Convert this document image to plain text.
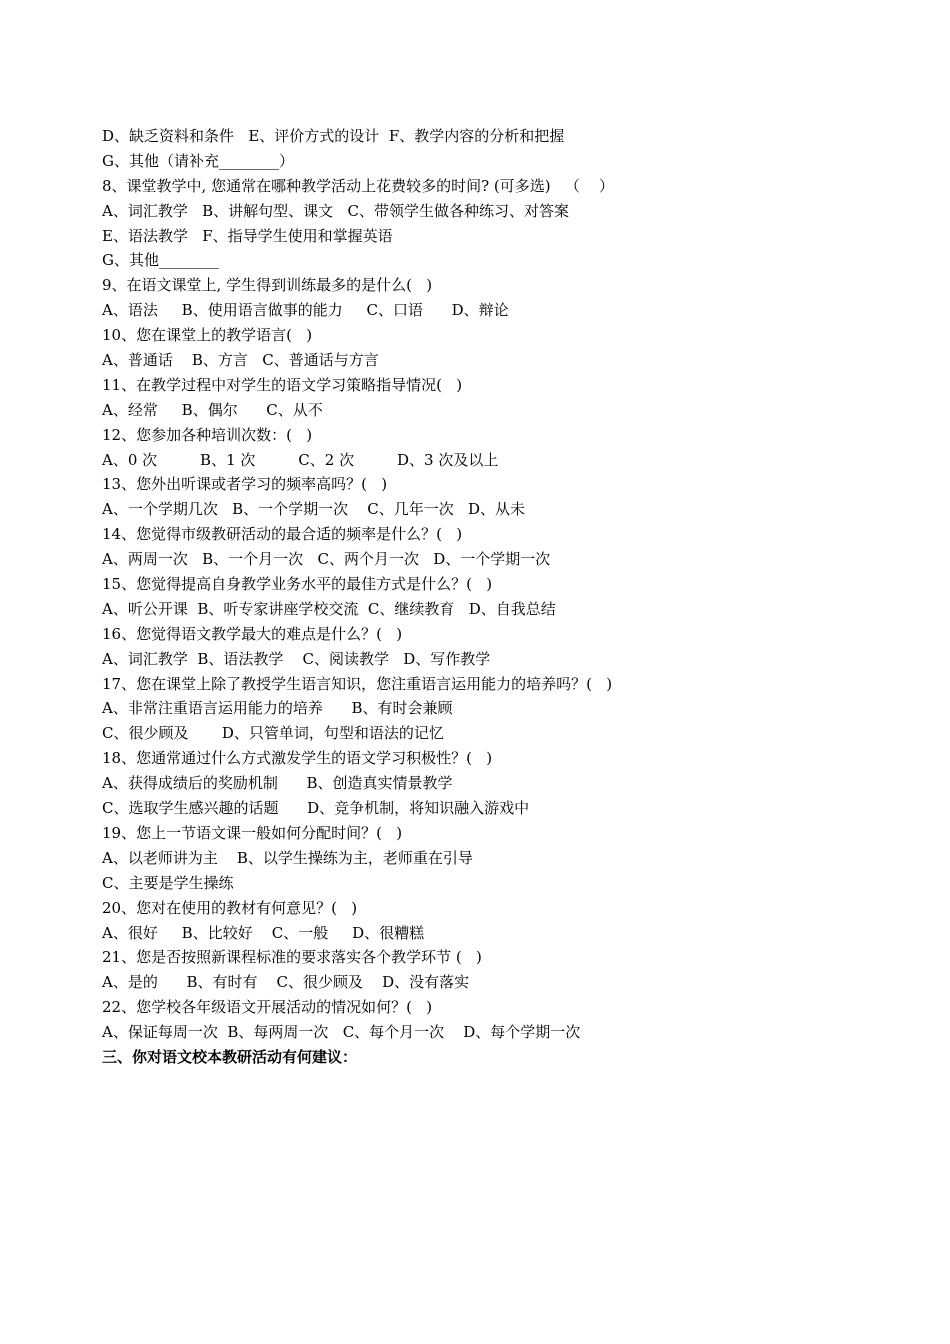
D、缺乏资料和条件   E、评价方式的设计  F、教学内容的分析和把握
G、其他（请补充________）
8、课堂教学中, 您通常在哪种教学活动上花费较多的时间? (可多选)   （    ）
A、词汇教学   B、讲解句型、课文   C、带领学生做各种练习、对答案
E、语法教学   F、指导学生使用和掌握英语
G、其他________
9、在语文课堂上, 学生得到训练最多的是什么(   )
A、语法     B、使用语言做事的能力     C、口语      D、辩论
10、您在课堂上的教学语言(   )
A、普通话    B、方言   C、普通话与方言
11、在教学过程中对学生的语文学习策略指导情况(   )
A、经常     B、偶尔      C、从不
12、您参加各种培训次数：(   )
A、0 次         B、1 次         C、2 次         D、3 次及以上
13、您外出听课或者学习的频率高吗？(   )
A、一个学期几次   B、一个学期一次    C、几年一次   D、从未
14、您觉得市级教研活动的最合适的频率是什么？(   )
A、两周一次   B、一个月一次   C、两个月一次   D、一个学期一次
15、您觉得提高自身教学业务水平的最佳方式是什么？(   )
A、听公开课  B、听专家讲座学校交流  C、继续教育   D、自我总结
16、您觉得语文教学最大的难点是什么？(   )
A、词汇教学  B、语法教学    C、阅读教学   D、写作教学
17、您在课堂上除了教授学生语言知识，您注重语言运用能力的培养吗？(   )
A、非常注重语言运用能力的培养      B、有时会兼顾
C、很少顾及       D、只管单词，句型和语法的记忆
18、您通常通过什么方式激发学生的语文学习积极性？(   )
A、获得成绩后的奖励机制      B、创造真实情景教学
C、选取学生感兴趣的话题      D、竞争机制，将知识融入游戏中
19、您上一节语文课一般如何分配时间？(   )
A、以老师讲为主    B、以学生操练为主，老师重在引导
C、主要是学生操练
20、您对在使用的教材有何意见？(   )
A、很好     B、比较好    C、一般     D、很糟糕
21、您是否按照新课程标准的要求落实各个教学环节 (   )
A、是的      B、有时有    C、很少顾及    D、没有落实
22、您学校各年级语文开展活动的情况如何？(   )
A、保证每周一次  B、每两周一次   C、每个月一次    D、每个学期一次
三、你对语文校本教研活动有何建议：
